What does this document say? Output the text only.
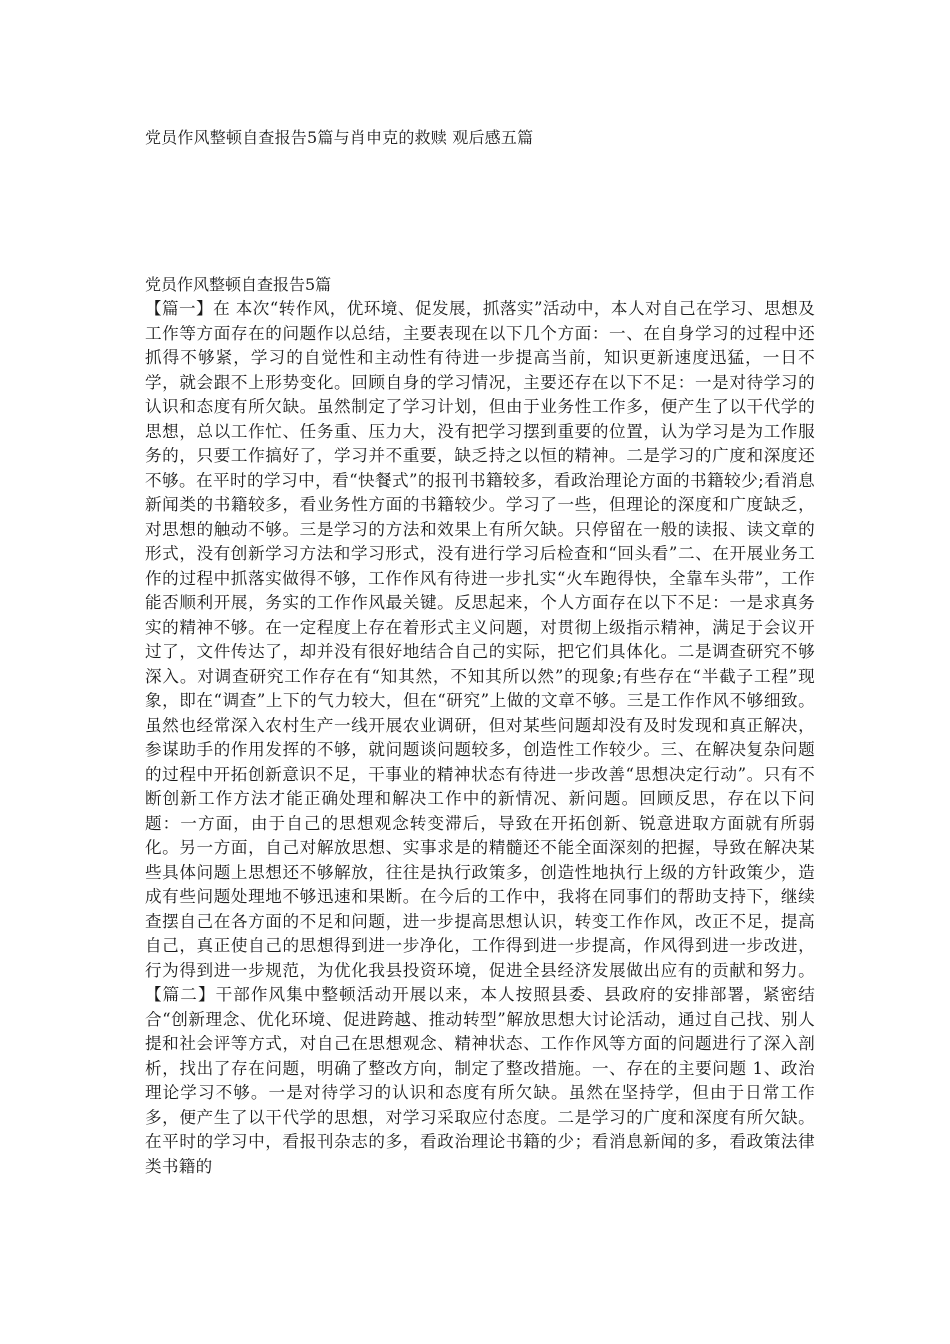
党员作风整顿自查报告5篇与肖申克的救赎 观后感五篇
党员作风整顿自查报告5篇
【篇一】在 本次“转作风，优环境、促发展，抓落实”活动中，本人对自己在学习、思想及工作等方面存在的问题作以总结，主要表现在以下几个方面：一、在自身学习的过程中还抓得不够紧，学习的自觉性和主动性有待进一步提高当前，知识更新速度迅猛，一日不学，就会跟不上形势变化。回顾自身的学习情况，主要还存在以下不足：一是对待学习的认识和态度有所欠缺。虽然制定了学习计划，但由于业务性工作多，便产生了以干代学的思想，总以工作忙、任务重、压力大，没有把学习摆到重要的位置，认为学习是为工作服务的，只要工作搞好了，学习并不重要，缺乏持之以恒的精神。二是学习的广度和深度还不够。在平时的学习中，看“快餐式”的报刊书籍较多，看政治理论方面的书籍较少;看消息新闻类的书籍较多，看业务性方面的书籍较少。学习了一些，但理论的深度和广度缺乏，对思想的触动不够。三是学习的方法和效果上有所欠缺。只停留在一般的读报、读文章的形式，没有创新学习方法和学习形式，没有进行学习后检查和“回头看”二、在开展业务工作的过程中抓落实做得不够，工作作风有待进一步扎实“火车跑得快，全靠车头带”，工作能否顺利开展，务实的工作作风最关键。反思起来，个人方面存在以下不足：一是求真务实的精神不够。在一定程度上存在着形式主义问题，对贯彻上级指示精神，满足于会议开过了，文件传达了，却并没有很好地结合自己的实际，把它们具体化。二是调查研究不够深入。对调查研究工作存在有“知其然，不知其所以然”的现象;有些存在“半截子工程”现象，即在“调查”上下的气力较大，但在“研究”上做的文章不够。三是工作作风不够细致。虽然也经常深入农村生产一线开展农业调研，但对某些问题却没有及时发现和真正解决，参谋助手的作用发挥的不够，就问题谈问题较多，创造性工作较少。三、在解决复杂问题的过程中开拓创新意识不足，干事业的精神状态有待进一步改善“思想决定行动”。只有不断创新工作方法才能正确处理和解决工作中的新情况、新问题。回顾反思，存在以下问题：一方面，由于自己的思想观念转变滞后，导致在开拓创新、锐意进取方面就有所弱化。另一方面，自己对解放思想、实事求是的精髓还不能全面深刻的把握，导致在解决某些具体问题上思想还不够解放，往往是执行政策多，创造性地执行上级的方针政策少，造成有些问题处理地不够迅速和果断。在今后的工作中，我将在同事们的帮助支持下，继续查摆自己在各方面的不足和问题，进一步提高思想认识，转变工作作风，改正不足，提高自己，真正使自己的思想得到进一步净化，工作得到进一步提高，作风得到进一步改进，行为得到进一步规范，为优化我县投资环境，促进全县经济发展做出应有的贡献和努力。【篇二】干部作风集中整顿活动开展以来，本人按照县委、县政府的安排部署，紧密结合“创新理念、优化环境、促进跨越、推动转型”解放思想大讨论活动，通过自己找、别人提和社会评等方式，对自己在思想观念、精神状态、工作作风等方面的问题进行了深入剖析，找出了存在问题，明确了整改方向，制定了整改措施。一、存在的主要问题 1、政治理论学习不够。一是对待学习的认识和态度有所欠缺。虽然在坚持学，但由于日常工作多，便产生了以干代学的思想，对学习采取应付态度。二是学习的广度和深度有所欠缺。在平时的学习中，看报刊杂志的多，看政治理论书籍的少；看消息新闻的多，看政策法律类书籍的
